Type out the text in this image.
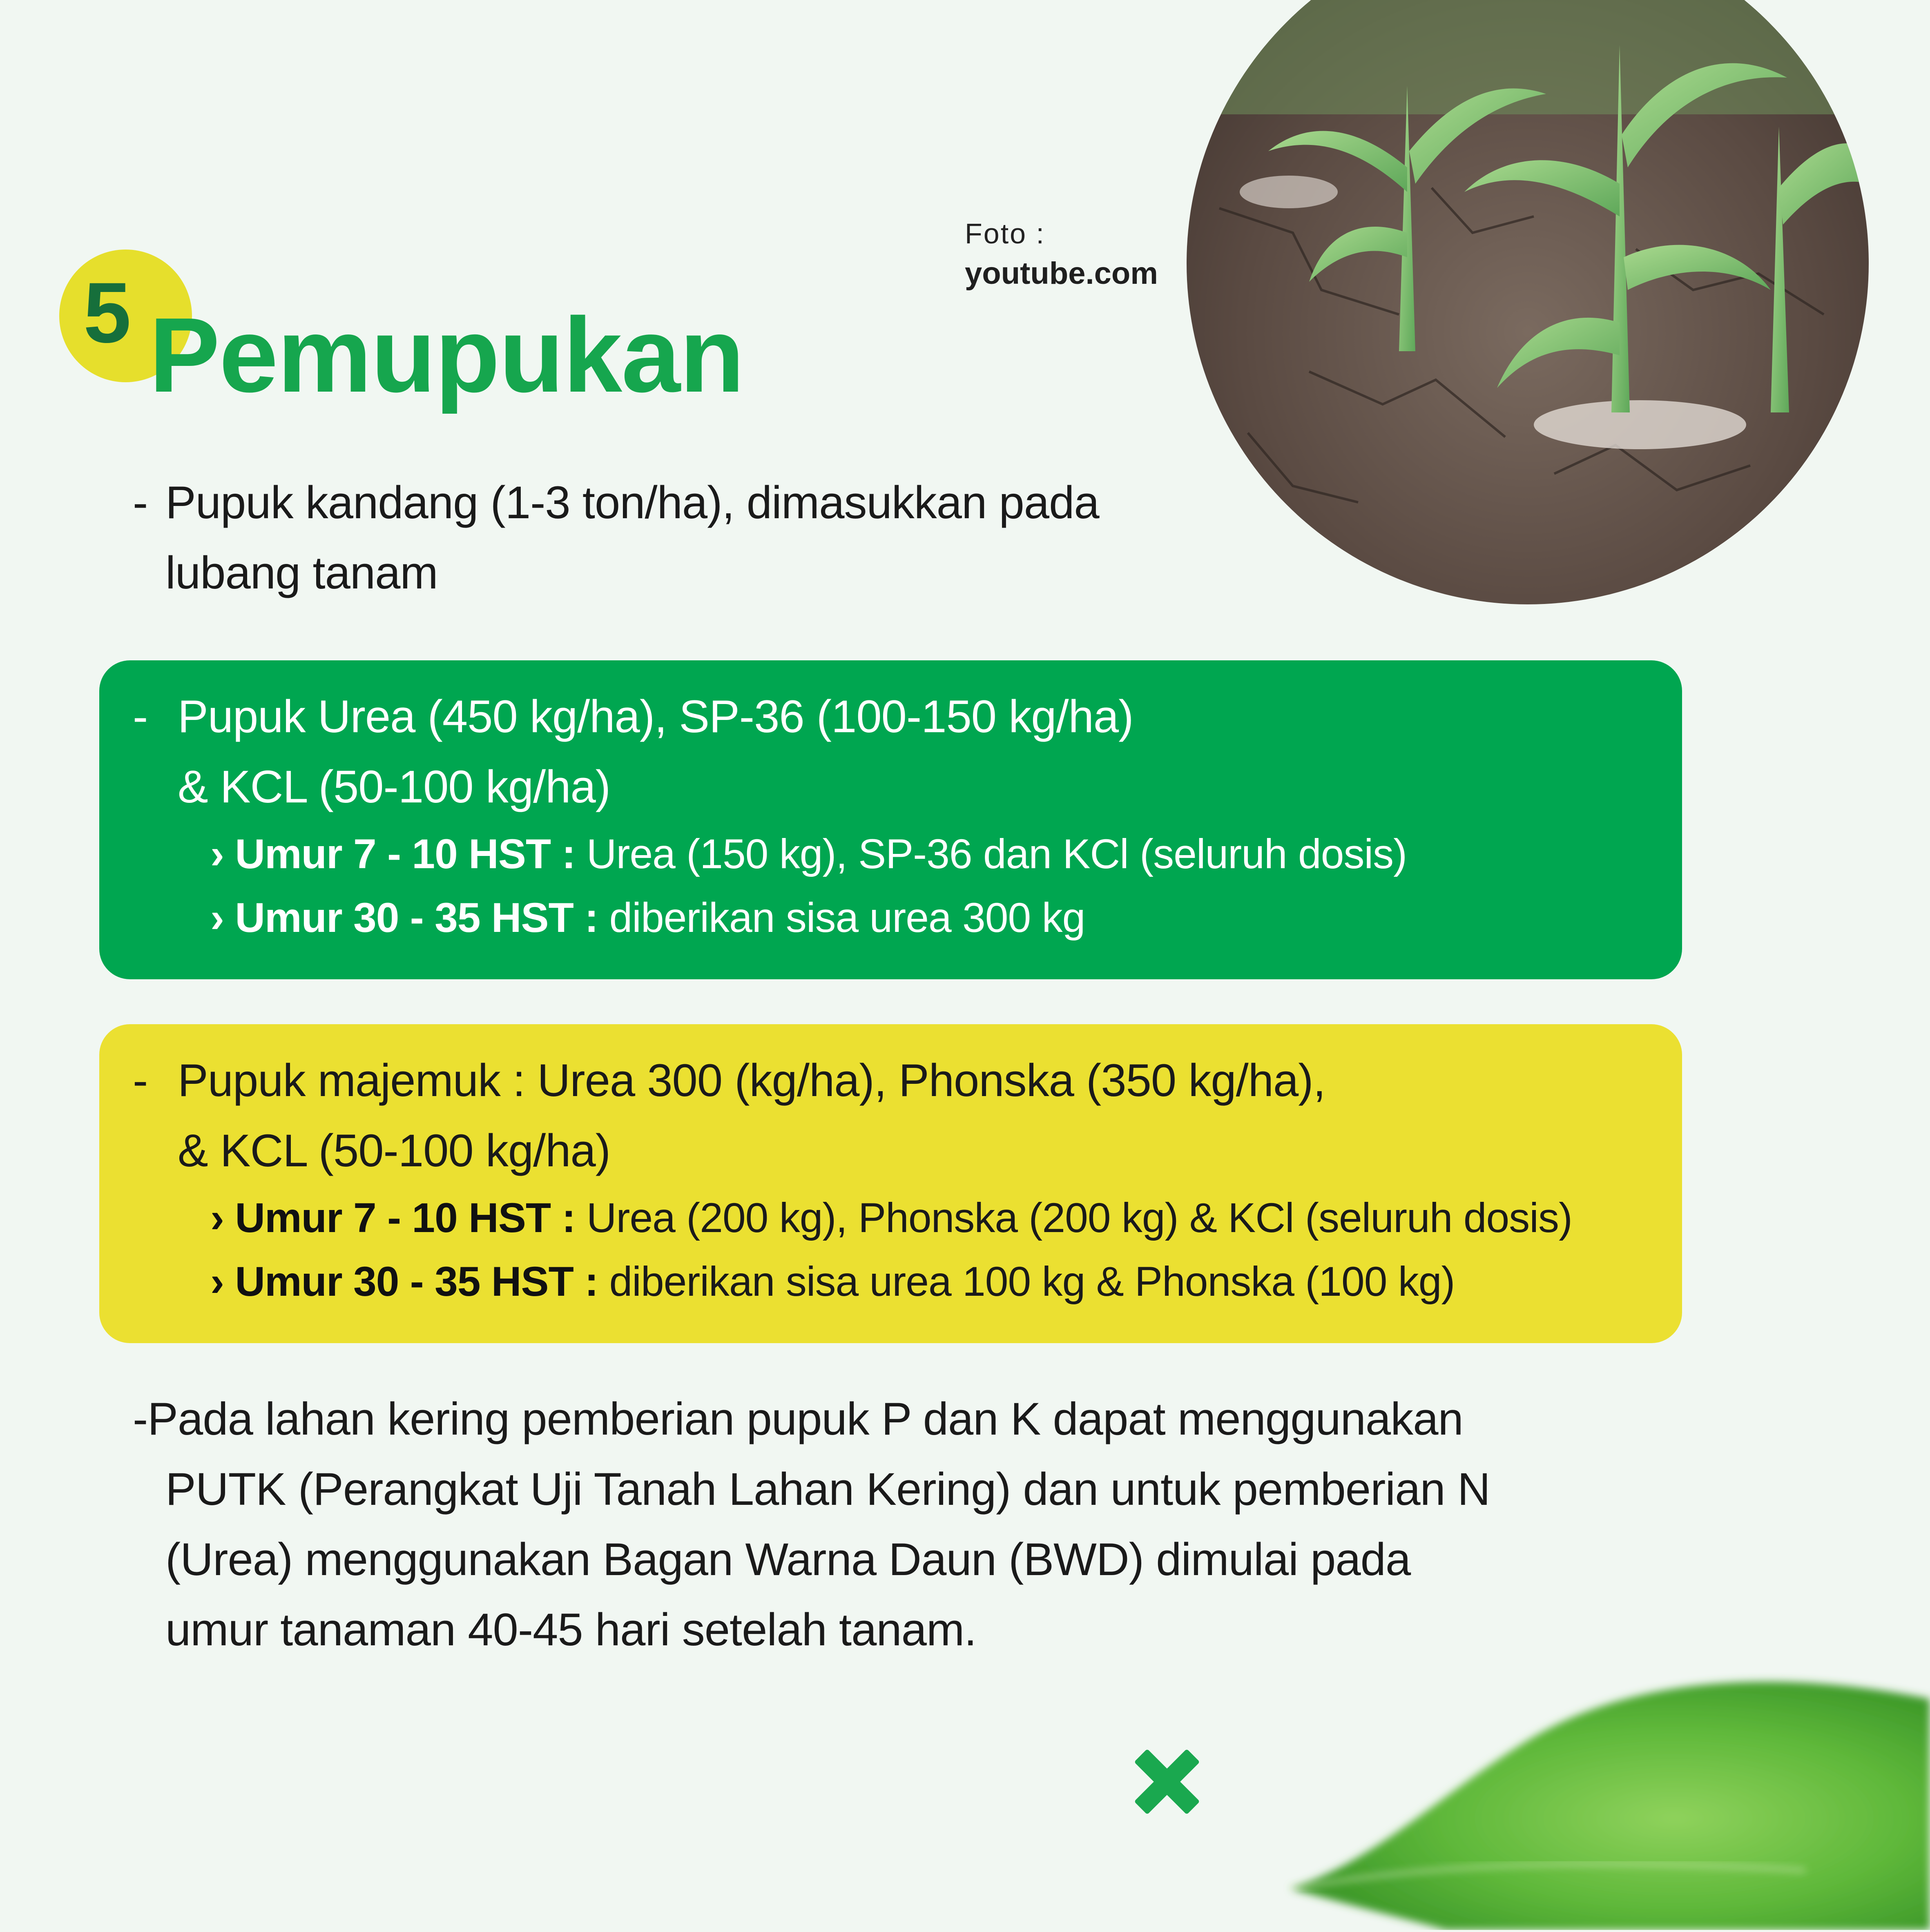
Foto :
youtube.com
5 Pemupukan
- Pupuk kandang (1-3 ton/ha), dimasukkan pada
lubang tanam
- Pupuk Urea (450 kg/ha), SP-36 (100-150 kg/ha)
& KCL (50-100 kg/ha)
› Umur 7 - 10 HST : Urea (150 kg), SP-36 dan KCl (seluruh dosis)
› Umur 30 - 35 HST : diberikan sisa urea 300 kg
- Pupuk majemuk : Urea 300 (kg/ha), Phonska (350 kg/ha),
& KCL (50-100 kg/ha)
› Umur 7 - 10 HST : Urea (200 kg), Phonska (200 kg) & KCl (seluruh dosis)
› Umur 30 - 35 HST : diberikan sisa urea 100 kg & Phonska (100 kg)
-Pada lahan kering pemberian pupuk P dan K dapat menggunakan
PUTK (Perangkat Uji Tanah Lahan Kering) dan untuk pemberian N
(Urea) menggunakan Bagan Warna Daun (BWD) dimulai pada
umur tanaman 40-45 hari setelah tanam.
